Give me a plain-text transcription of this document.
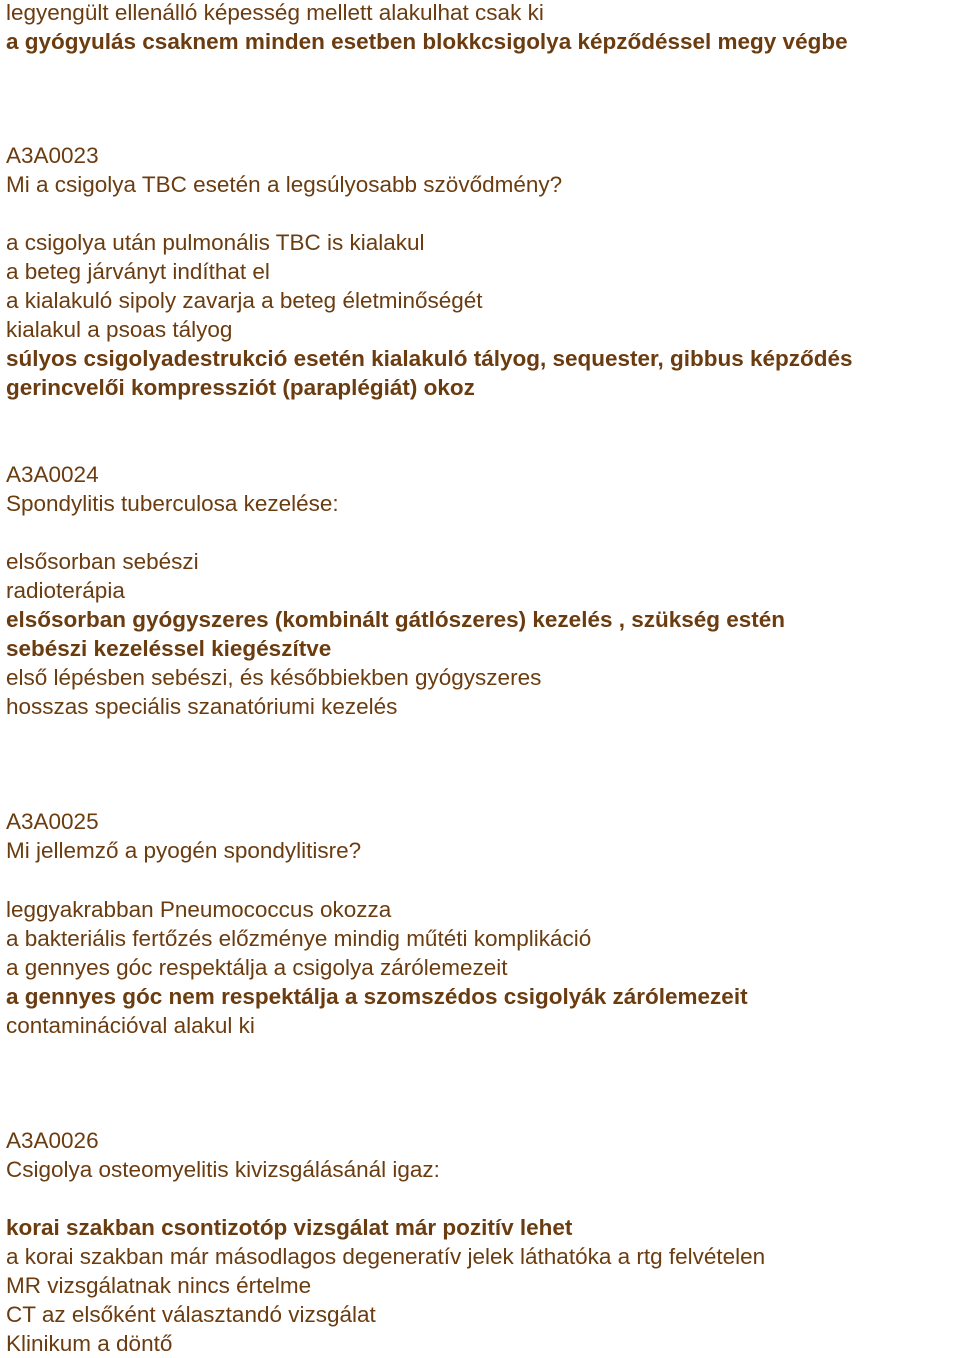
legyengült ellenálló képesség mellett alakulhat csak ki
a gyógyulás csaknem minden esetben blokkcsigolya képződéssel megy végbe
A3A0023
Mi a csigolya TBC esetén a legsúlyosabb szövődmény?
a csigolya után pulmonális TBC is kialakul
a beteg járványt indíthat el
a kialakuló sipoly zavarja a beteg életminőségét
kialakul a psoas tályog
súlyos csigolyadestrukció esetén kialakuló tályog, sequester, gibbus képződés
gerincvelői kompressziót (paraplégiát) okoz
A3A0024
Spondylitis tuberculosa kezelése:
elsősorban sebészi
radioterápia
elsősorban gyógyszeres (kombinált gátlószeres) kezelés , szükség estén
sebészi kezeléssel kiegészítve
első lépésben sebészi, és későbbiekben gyógyszeres
hosszas speciális szanatóriumi kezelés
A3A0025
Mi jellemző a pyogén spondylitisre?
leggyakrabban Pneumococcus okozza
a bakteriális fertőzés előzménye mindig műtéti komplikáció
a gennyes góc respektálja a csigolya zárólemezeit
a gennyes góc nem respektálja a szomszédos csigolyák zárólemezeit
contaminációval alakul ki
A3A0026
Csigolya osteomyelitis kivizsgálásánál igaz:
korai szakban csontizotóp vizsgálat már pozitív lehet
a korai szakban már másodlagos degeneratív jelek láthatóka a rtg felvételen
MR vizsgálatnak nincs értelme
CT az elsőként választandó vizsgálat
Klinikum a döntő
